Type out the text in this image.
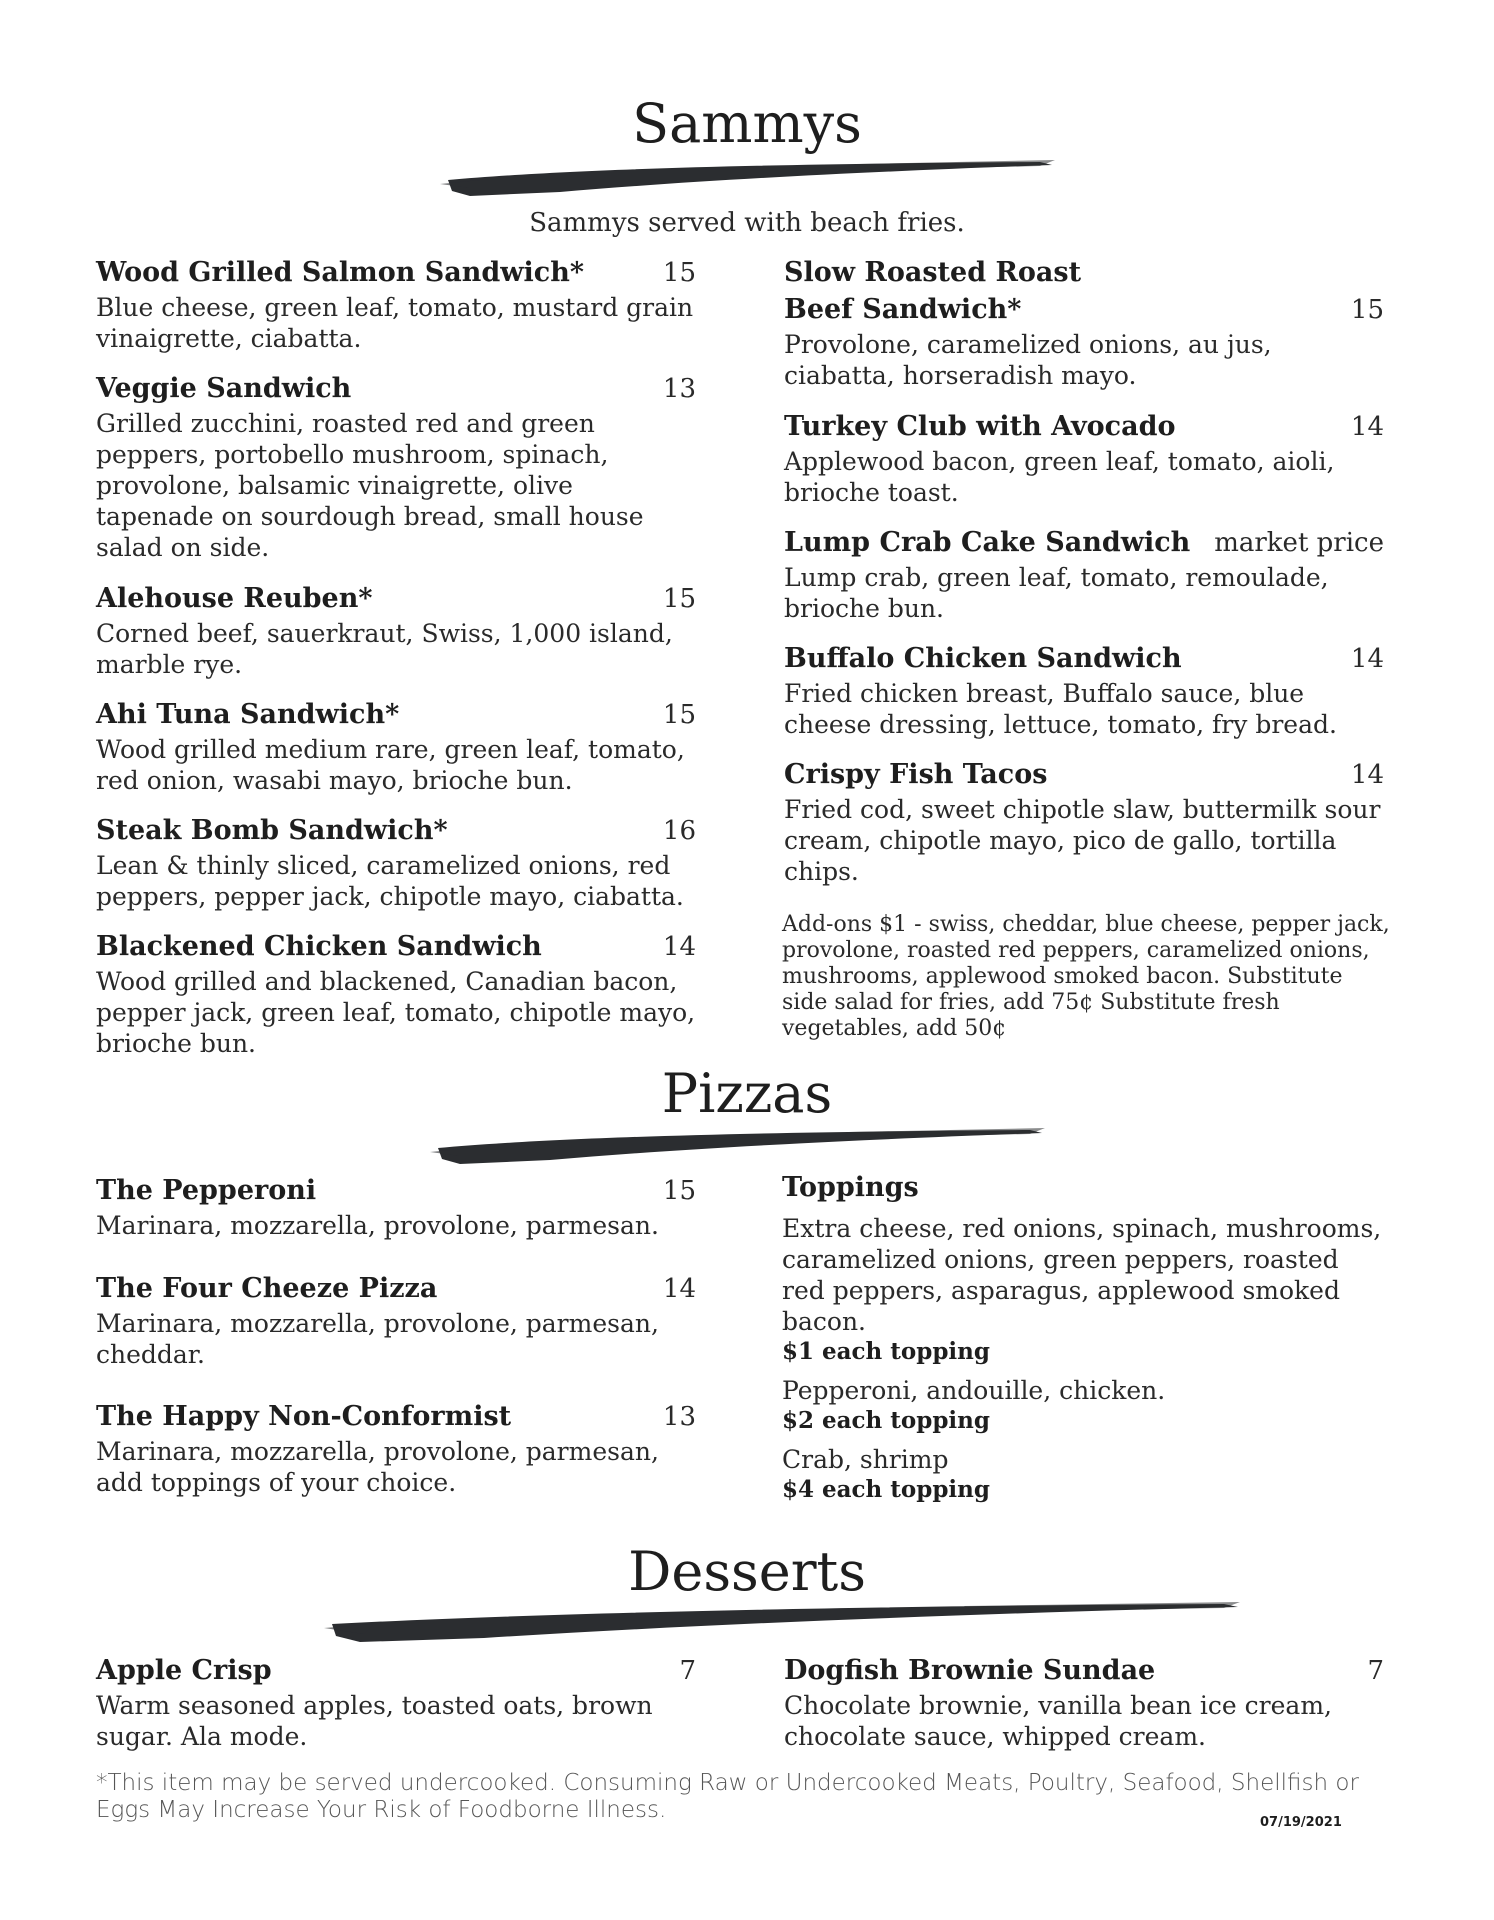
Sammys
Sammys served with beach fries.
Wood Grilled Salmon Sandwich*	15
Blue cheese, green leaf, tomato, mustard grain vinaigrette, ciabatta.
Veggie Sandwich	13
Grilled zucchini, roasted red and green peppers, portobello mushroom, spinach, provolone, balsamic vinaigrette, olive tapenade on sourdough bread, small house salad on side.
Alehouse Reuben*	15
Corned beef, sauerkraut, Swiss, 1,000 island, marble rye.
Ahi Tuna Sandwich*	15
Wood grilled medium rare, green leaf, tomato, red onion, wasabi mayo, brioche bun.
Steak Bomb Sandwich*	16
Lean & thinly sliced, caramelized onions, red peppers, pepper jack, chipotle mayo, ciabatta.
Blackened Chicken Sandwich	14
Wood grilled and blackened, Canadian bacon, pepper jack, green leaf, tomato, chipotle mayo, brioche bun.
Slow Roasted Roast
Beef Sandwich*	15
Provolone, caramelized onions, au jus, ciabatta, horseradish mayo.
Turkey Club with Avocado	14
Applewood bacon, green leaf, tomato, aioli, brioche toast.
Lump Crab Cake Sandwich market price
Lump crab, green leaf, tomato, remoulade, brioche bun.
Buffalo Chicken Sandwich	14
Fried chicken breast, Buffalo sauce, blue cheese dressing, lettuce, tomato, fry bread.
Crispy Fish Tacos	14
Fried cod, sweet chipotle slaw, buttermilk sour cream, chipotle mayo, pico de gallo, tortilla chips.
Add-ons $1 - swiss, cheddar, blue cheese, pepper jack, provolone, roasted red peppers, caramelized onions, mushrooms, applewood smoked bacon. Substitute side salad for fries, add 75¢ Substitute fresh vegetables, add 50¢
Pizzas
The Pepperoni	15
Marinara, mozzarella, provolone, parmesan.
The Four Cheeze Pizza	14
Marinara, mozzarella, provolone, parmesan, cheddar.
The Happy Non-Conformist	13
Marinara, mozzarella, provolone, parmesan, add toppings of your choice.
Toppings
Extra cheese, red onions, spinach, mushrooms, caramelized onions, green peppers, roasted red peppers, asparagus, applewood smoked bacon.
$1 each topping
Pepperoni, andouille, chicken.
$2 each topping
Crab, shrimp
$4 each topping
Desserts
Apple Crisp	7
Warm seasoned apples, toasted oats, brown sugar. Ala mode.
Dogfish Brownie Sundae	7
Chocolate brownie, vanilla bean ice cream, chocolate sauce, whipped cream.
*This item may be served undercooked. Consuming Raw or Undercooked Meats, Poultry, Seafood, Shellfish or Eggs May Increase Your Risk of Foodborne Illness.	07/19/2021
